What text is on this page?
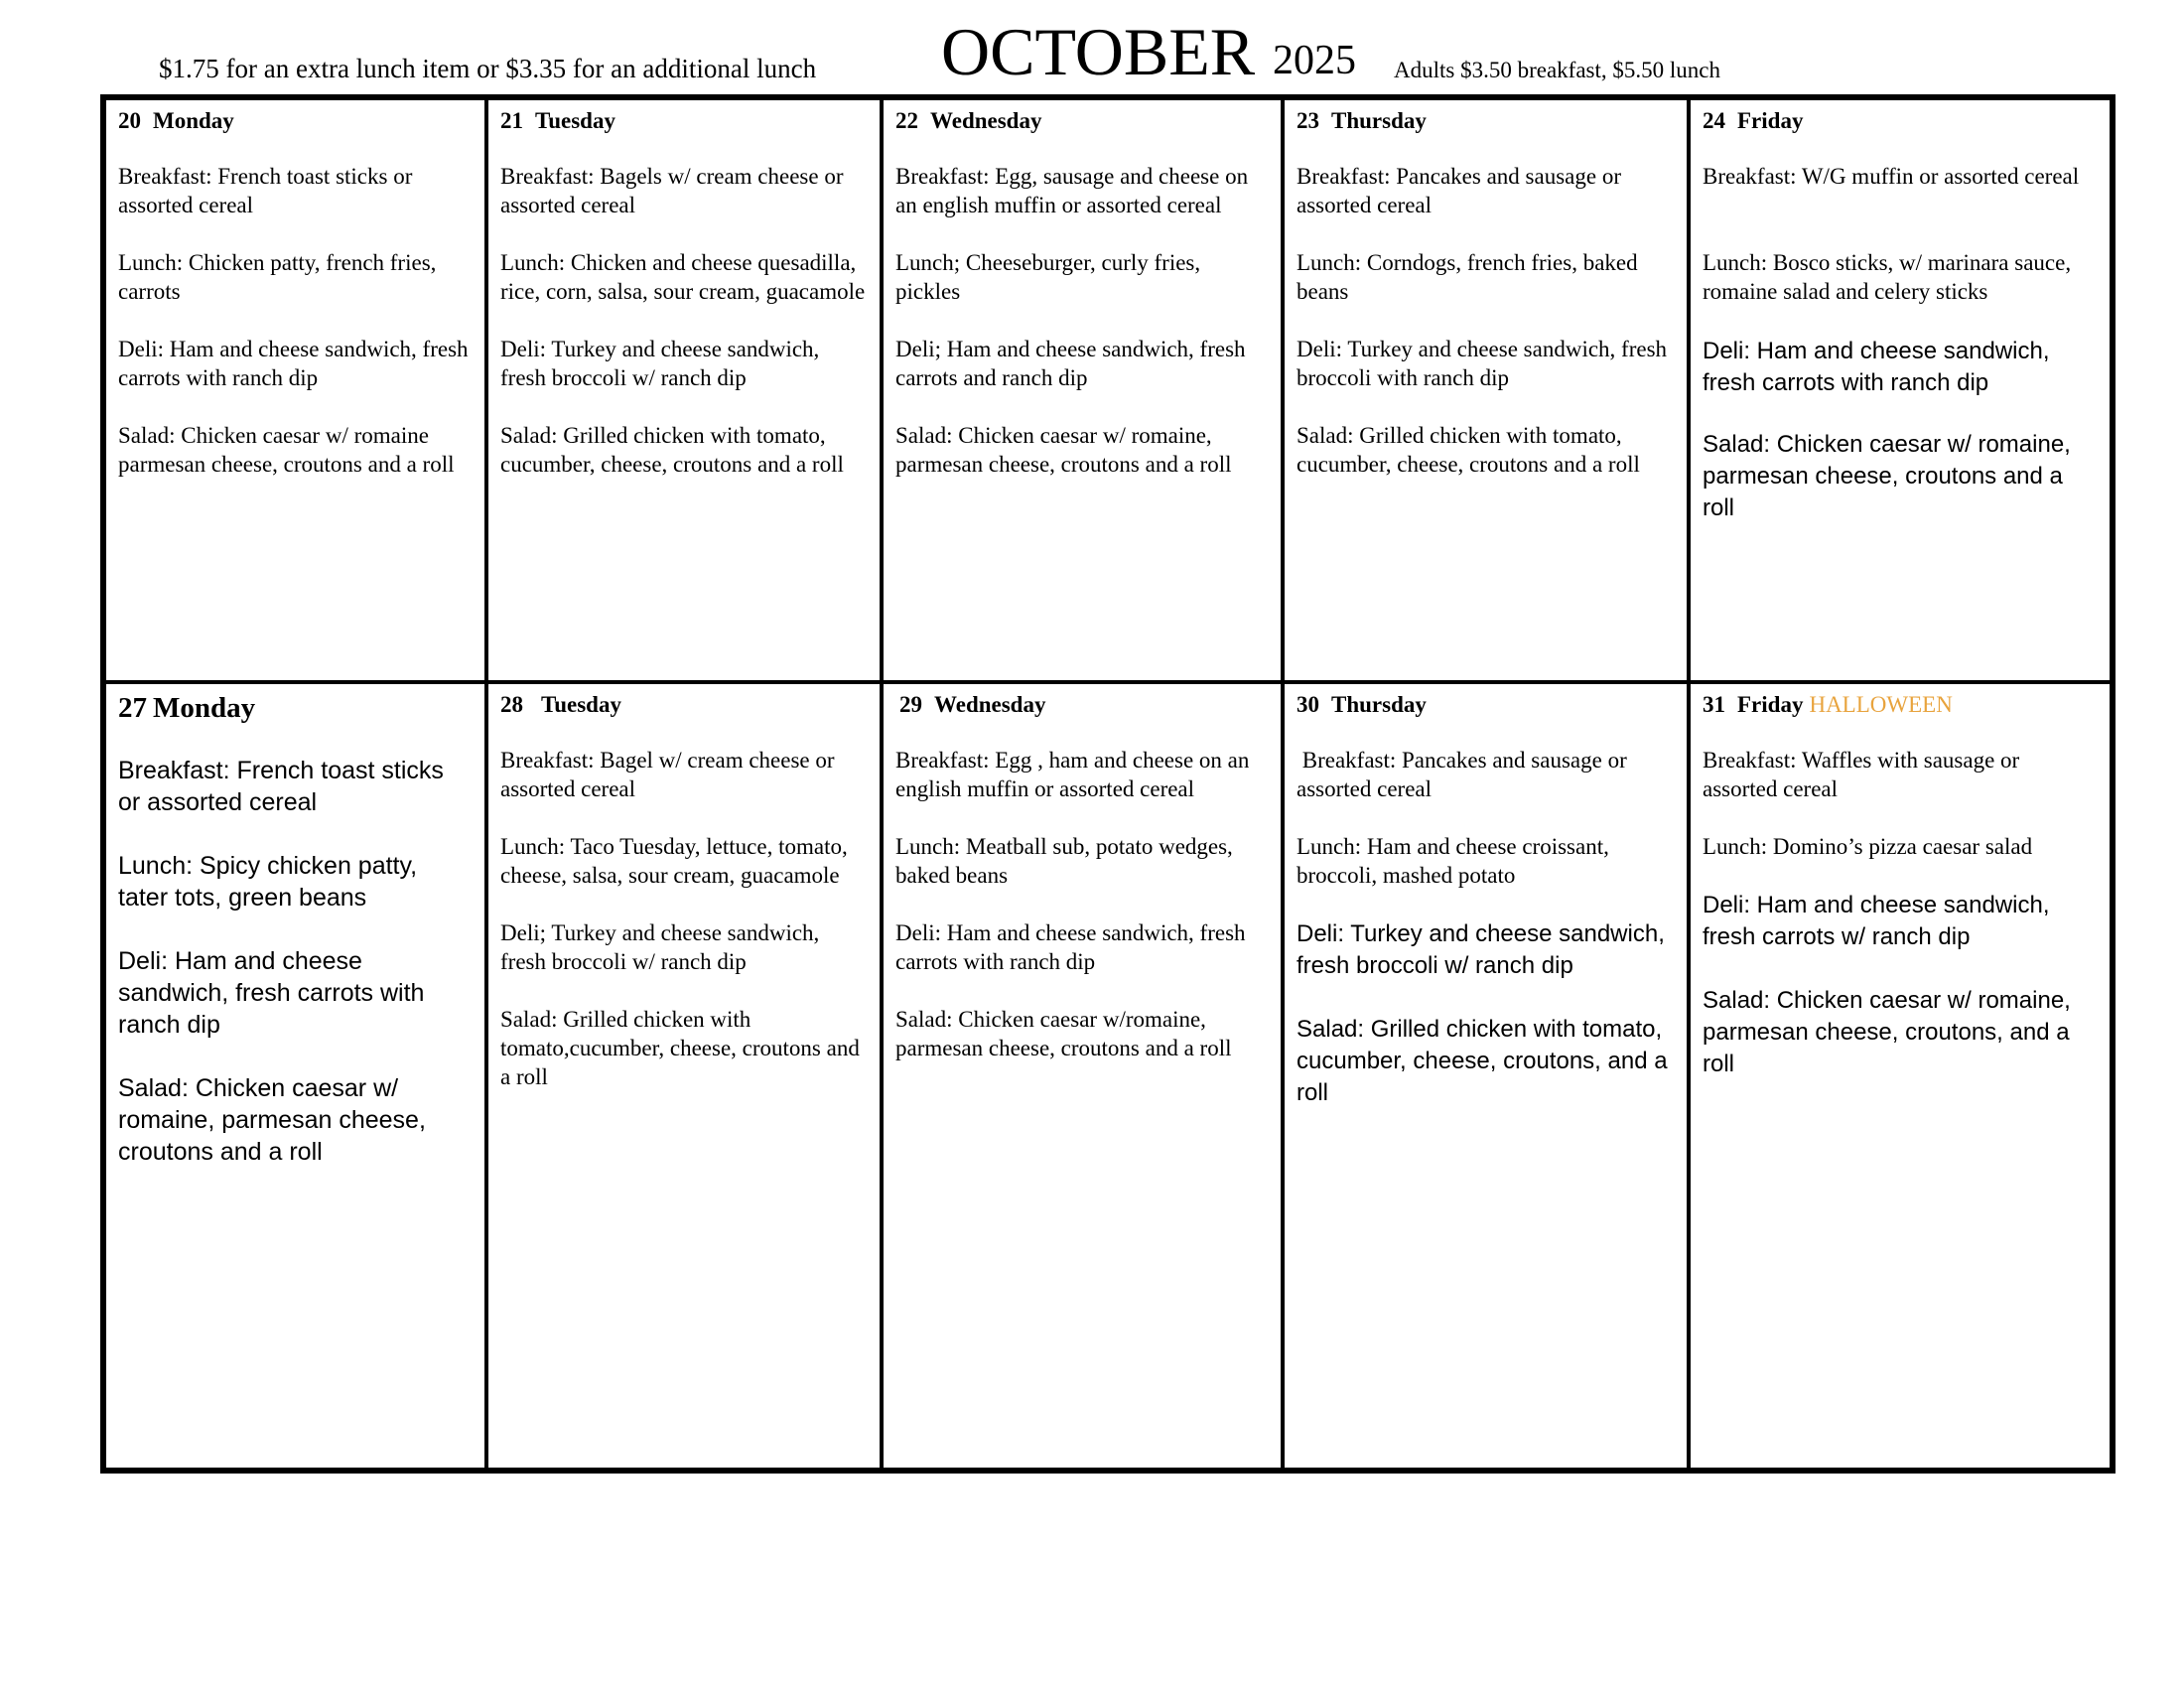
$1.75 for an extra lunch item or $3.35 for an additional lunch OCTOBER 2025 Adults $3.50 breakfast, $5.50 lunch
20 Monday
Breakfast: French toast sticks or assorted cereal
Lunch: Chicken patty, french fries, carrots
Deli: Ham and cheese sandwich, fresh carrots with ranch dip
Salad: Chicken caesar w/ romaine parmesan cheese, croutons and a roll
21 Tuesday
Breakfast: Bagels w/ cream cheese or assorted cereal
Lunch: Chicken and cheese quesadilla, rice, corn, salsa, sour cream, guacamole
Deli: Turkey and cheese sandwich, fresh broccoli w/ ranch dip
Salad: Grilled chicken with tomato, cucumber, cheese, croutons and a roll
22 Wednesday
Breakfast: Egg, sausage and cheese on an english muffin or assorted cereal
Lunch; Cheeseburger, curly fries, pickles
Deli; Ham and cheese sandwich, fresh carrots and ranch dip
Salad: Chicken caesar w/ romaine, parmesan cheese, croutons and a roll
23 Thursday
Breakfast: Pancakes and sausage or assorted cereal
Lunch: Corndogs, french fries, baked beans
Deli: Turkey and cheese sandwich, fresh broccoli with ranch dip
Salad: Grilled chicken with tomato, cucumber, cheese, croutons and a roll
24 Friday
Breakfast: W/G muffin or assorted cereal
Lunch: Bosco sticks, w/ marinara sauce, romaine salad and celery sticks
Deli: Ham and cheese sandwich, fresh carrots with ranch dip
Salad: Chicken caesar w/ romaine, parmesan cheese, croutons and a roll
27 Monday
Breakfast: French toast sticks or assorted cereal
Lunch: Spicy chicken patty, tater tots, green beans
Deli: Ham and cheese sandwich, fresh carrots with ranch dip
Salad: Chicken caesar w/ romaine, parmesan cheese, croutons and a roll
28 Tuesday
Breakfast: Bagel w/ cream cheese or assorted cereal
Lunch: Taco Tuesday, lettuce, tomato, cheese, salsa, sour cream, guacamole
Deli; Turkey and cheese sandwich, fresh broccoli w/ ranch dip
Salad: Grilled chicken with tomato,cucumber, cheese, croutons and a roll
29 Wednesday
Breakfast: Egg , ham and cheese on an english muffin or assorted cereal
Lunch: Meatball sub, potato wedges, baked beans
Deli: Ham and cheese sandwich, fresh carrots with ranch dip
Salad: Chicken caesar w/romaine, parmesan cheese, croutons and a roll
30 Thursday
Breakfast: Pancakes and sausage or assorted cereal
Lunch: Ham and cheese croissant, broccoli, mashed potato
Deli: Turkey and cheese sandwich, fresh broccoli w/ ranch dip
Salad: Grilled chicken with tomato, cucumber, cheese, croutons, and a roll
31 Friday HALLOWEEN
Breakfast: Waffles with sausage or assorted cereal
Lunch: Domino’s pizza caesar salad
Deli: Ham and cheese sandwich, fresh carrots w/ ranch dip
Salad: Chicken caesar w/ romaine, parmesan cheese, croutons, and a roll
